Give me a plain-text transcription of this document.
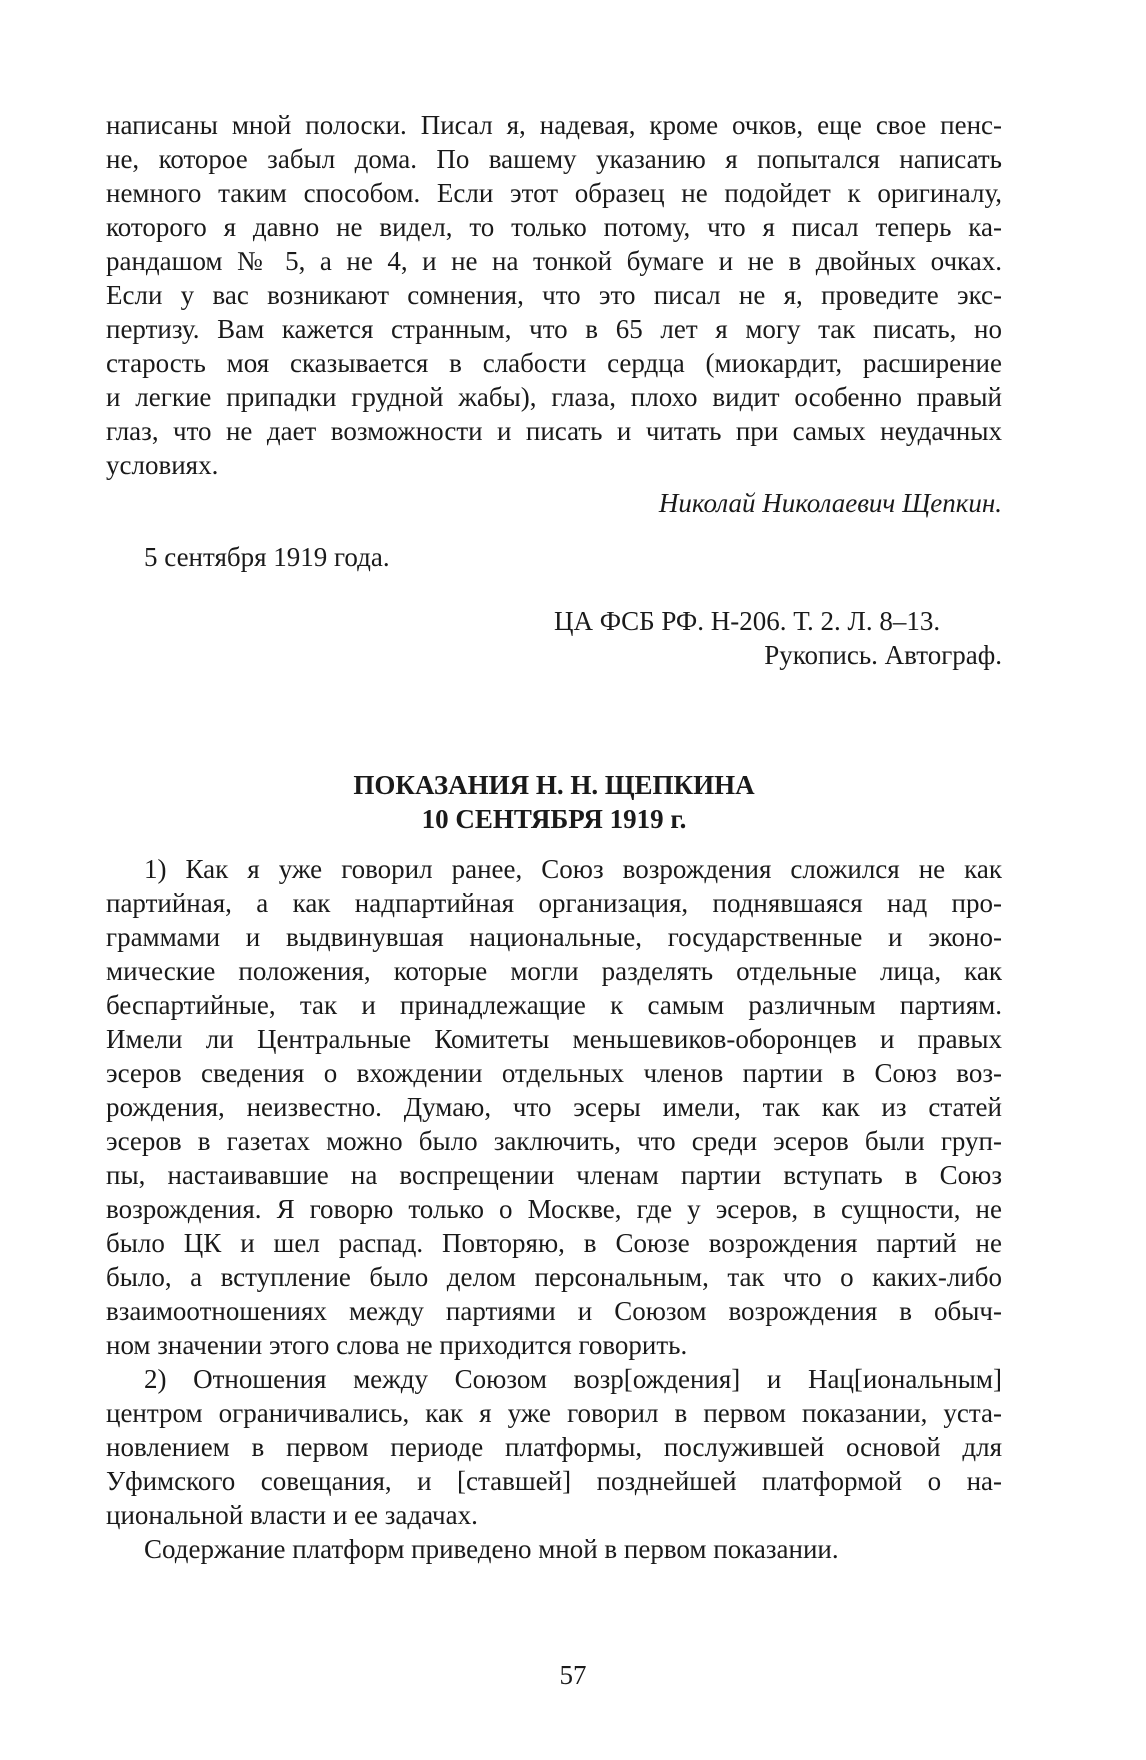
написаны мной полоски. Писал я, надевая, кроме очков, еще свое пенс-
не, которое забыл дома. По вашему указанию я попытался написать
немного таким способом. Если этот образец не подойдет к оригиналу,
которого я давно не видел, то только потому, что я писал теперь ка-
рандашом № 5, а не 4, и не на тонкой бумаге и не в двойных очках.
Если у вас возникают сомнения, что это писал не я, проведите экс-
пертизу. Вам кажется странным, что в 65 лет я могу так писать, но
старость моя сказывается в слабости сердца (миокардит, расширение
и легкие припадки грудной жабы), глаза, плохо видит особенно правый
глаз, что не дает возможности и писать и читать при самых неудачных
условиях.
Николай Николаевич Щепкин.
5 сентября 1919 года.
ЦА ФСБ РФ. Н-206. Т. 2. Л. 8–13.
Рукопись. Автограф.
ПОКАЗАНИЯ Н. Н. ЩЕПКИНА
10 СЕНТЯБРЯ 1919 г.
1) Как я уже говорил ранее, Союз возрождения сложился не как
партийная, а как надпартийная организация, поднявшаяся над про-
граммами и выдвинувшая национальные, государственные и эконо-
мические положения, которые могли разделять отдельные лица, как
беспартийные, так и принадлежащие к самым различным партиям.
Имели ли Центральные Комитеты меньшевиков-оборонцев и правых
эсеров сведения о вхождении отдельных членов партии в Союз воз-
рождения, неизвестно. Думаю, что эсеры имели, так как из статей
эсеров в газетах можно было заключить, что среди эсеров были груп-
пы, настаивавшие на воспрещении членам партии вступать в Союз
возрождения. Я говорю только о Москве, где у эсеров, в сущности, не
было ЦК и шел распад. Повторяю, в Союзе возрождения партий не
было, а вступление было делом персональным, так что о каких-либо
взаимоотношениях между партиями и Союзом возрождения в обыч-
ном значении этого слова не приходится говорить.
2) Отношения между Союзом возр[ождения] и Нац[иональным]
центром ограничивались, как я уже говорил в первом показании, уста-
новлением в первом периоде платформы, послужившей основой для
Уфимского совещания, и [ставшей] позднейшей платформой о на-
циональной власти и ее задачах.
Содержание платформ приведено мной в первом показании.
57
